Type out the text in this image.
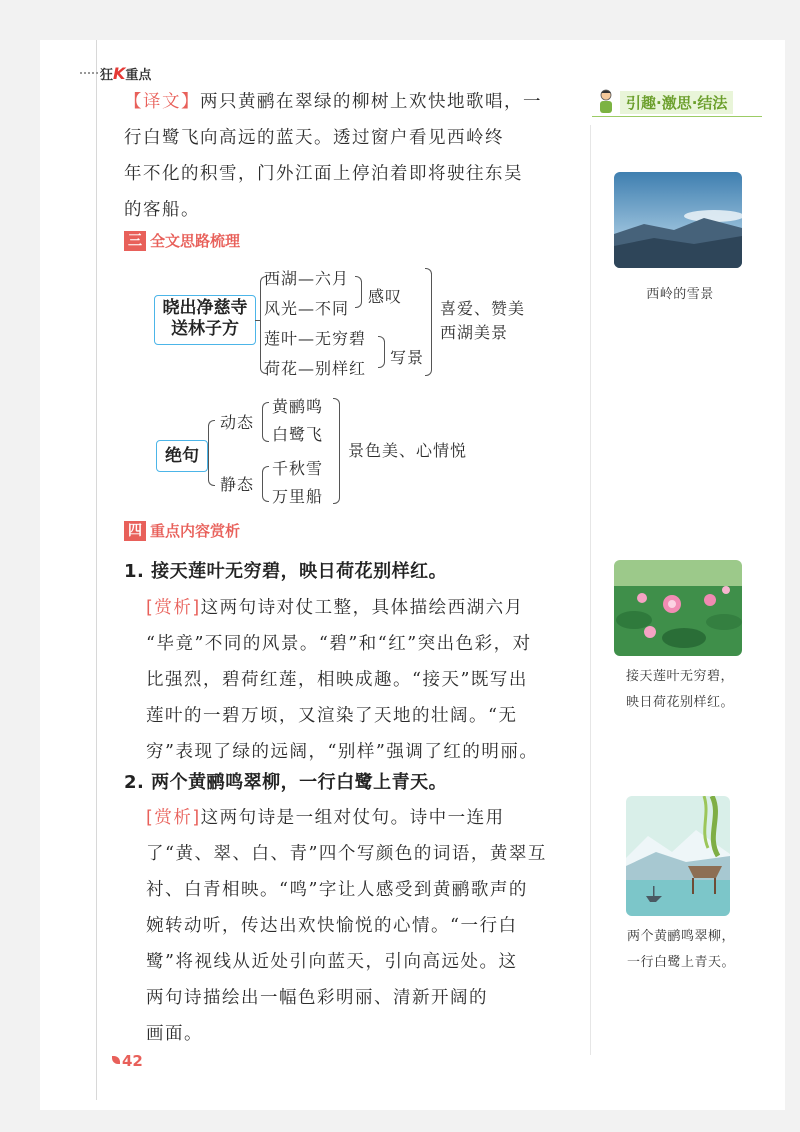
狂K重点
引趣·激思·结法

【译文】两只黄鹂在翠绿的柳树上欢快地歌唱，一

行白鹭飞向高远的蓝天。透过窗户看见西岭终

年不化的积雪，门外江面上停泊着即将驶往东吴

的客船。

三 全文思路梳理
晓出净慈寺
送林子方
西湖—六月
风光—不同
感叹
莲叶—无穷碧
荷花—别样红
写景
喜爱、赞美
西湖美景
绝句
动态
静态
黄鹂鸣
白鹭飞
千秋雪
万里船
景色美、心情悦
四 重点内容赏析
1. 接天莲叶无穷碧，映日荷花别样红。

[赏析]这两句诗对仗工整，具体描绘西湖六月

“毕竟”不同的风景。“碧”和“红”突出色彩，对

比强烈，碧荷红莲，相映成趣。“接天”既写出

莲叶的一碧万顷，又渲染了天地的壮阔。“无

穷”表现了绿的远阔，“别样”强调了红的明丽。

2. 两个黄鹂鸣翠柳，一行白鹭上青天。

[赏析]这两句诗是一组对仗句。诗中一连用

了“黄、翠、白、青”四个写颜色的词语，黄翠互

衬、白青相映。“鸣”字让人感受到黄鹂歌声的

婉转动听，传达出欢快愉悦的心情。“一行白

鹭”将视线从近处引向蓝天，引向高远处。这

两句诗描绘出一幅色彩明丽、清新开阔的

画面。

西岭的雪景
接天莲叶无穷碧，
映日荷花别样红。
两个黄鹂鸣翠柳，
一行白鹭上青天。
42
